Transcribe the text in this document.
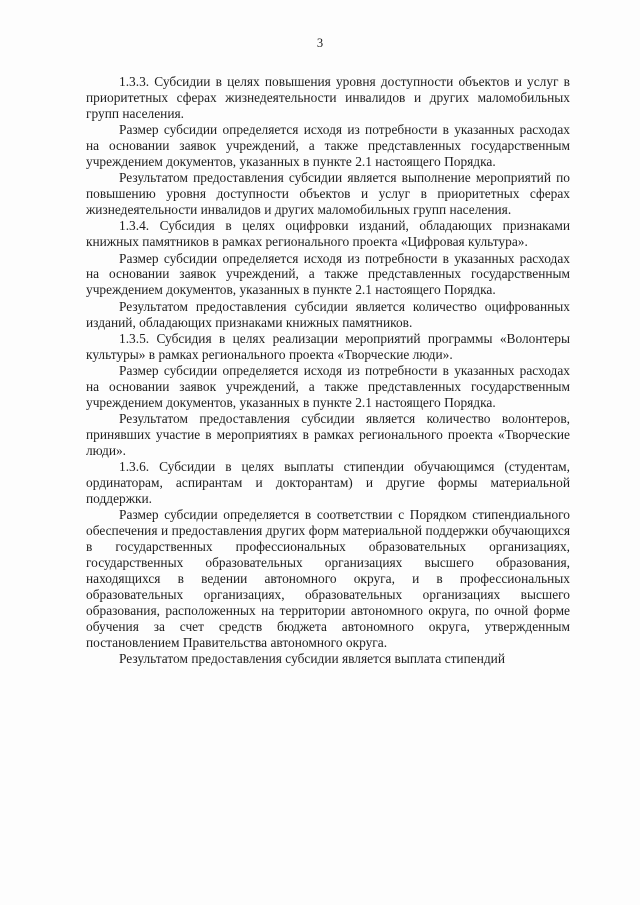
3

1.3.3. Субсидии в целях повышения уровня доступности объектов и услуг в приоритетных сферах жизнедеятельности инвалидов и других маломобильных групп населения.

Размер субсидии определяется исходя из потребности в указанных расходах на основании заявок учреждений, а также представленных государственным учреждением документов, указанных в пункте 2.1 настоящего Порядка.

Результатом предоставления субсидии является выполнение мероприятий по повышению уровня доступности объектов и услуг в приоритетных сферах жизнедеятельности инвалидов и других маломобильных групп населения.

1.3.4. Субсидия в целях оцифровки изданий, обладающих признаками книжных памятников в рамках регионального проекта «Цифровая культура».

Размер субсидии определяется исходя из потребности в указанных расходах на основании заявок учреждений, а также представленных государственным учреждением документов, указанных в пункте 2.1 настоящего Порядка.

Результатом предоставления субсидии является количество оцифрованных изданий, обладающих признаками книжных памятников.

1.3.5. Субсидия в целях реализации мероприятий программы «Волонтеры культуры» в рамках регионального проекта «Творческие люди».

Размер субсидии определяется исходя из потребности в указанных расходах на основании заявок учреждений, а также представленных государственным учреждением документов, указанных в пункте 2.1 настоящего Порядка.

Результатом предоставления субсидии является количество волонтеров, принявших участие в мероприятиях в рамках регионального проекта «Творческие люди».

1.3.6. Субсидии в целях выплаты стипендии обучающимся (студентам, ординаторам, аспирантам и докторантам) и другие формы материальной поддержки.

Размер субсидии определяется в соответствии с Порядком стипендиального обеспечения и предоставления других форм материальной поддержки обучающихся в государственных профессиональных образовательных организациях, государственных образовательных организациях высшего образования, находящихся в ведении автономного округа, и в профессиональных образовательных организациях, образовательных организациях высшего образования, расположенных на территории автономного округа, по очной форме обучения за счет средств бюджета автономного округа, утвержденным постановлением Правительства автономного округа.

Результатом предоставления субсидии является выплата стипендий
